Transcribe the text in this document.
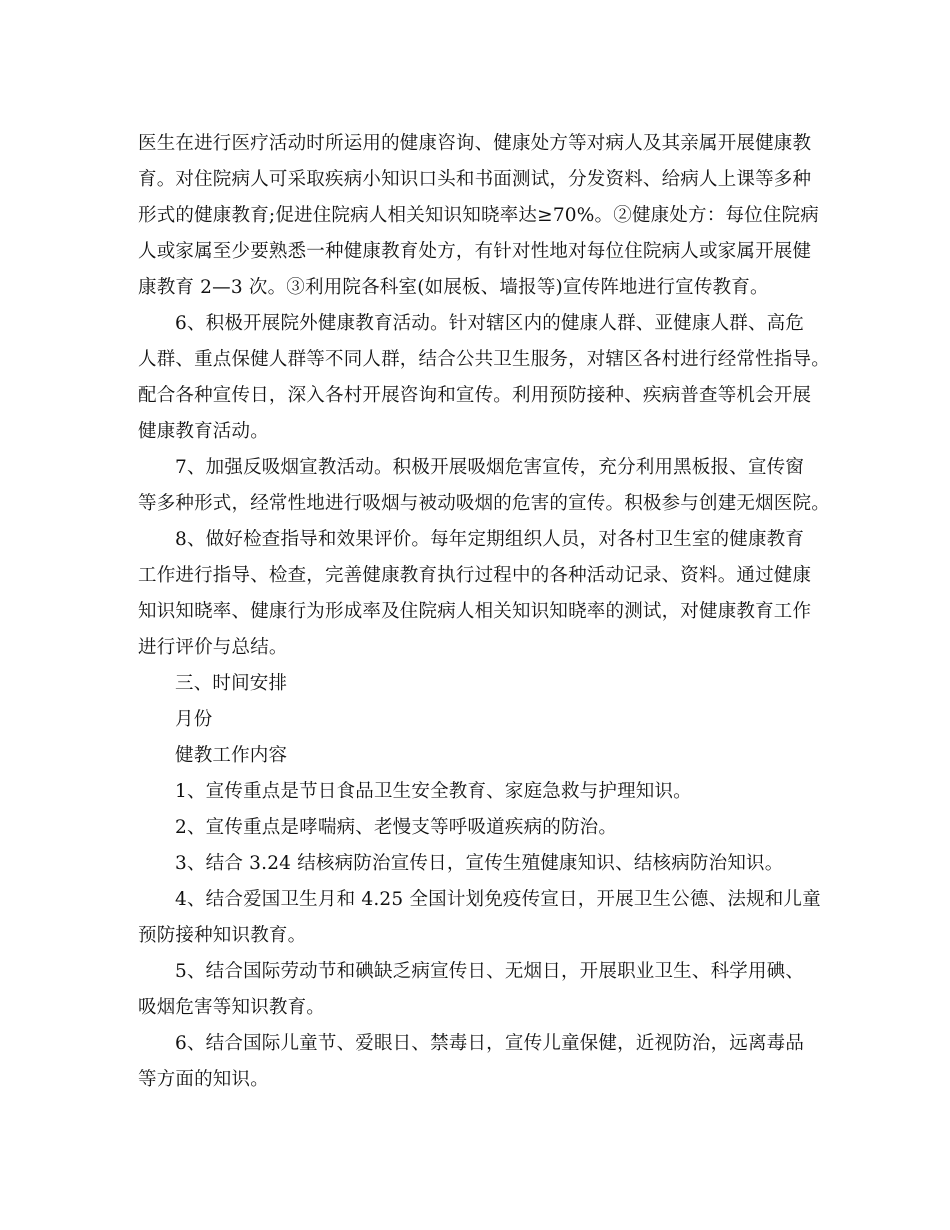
医生在进行医疗活动时所运用的健康咨询、健康处方等对病人及其亲属开展健康教
育。对住院病人可采取疾病小知识口头和书面测试，分发资料、给病人上课等多种
形式的健康教育;促进住院病人相关知识知晓率达≥70%。②健康处方：每位住院病
人或家属至少要熟悉一种健康教育处方，有针对性地对每位住院病人或家属开展健
康教育 2—3 次。③利用院各科室(如展板、墙报等)宣传阵地进行宣传教育。
6、积极开展院外健康教育活动。针对辖区内的健康人群、亚健康人群、高危
人群、重点保健人群等不同人群，结合公共卫生服务，对辖区各村进行经常性指导。
配合各种宣传日，深入各村开展咨询和宣传。利用预防接种、疾病普查等机会开展
健康教育活动。
7、加强反吸烟宣教活动。积极开展吸烟危害宣传，充分利用黑板报、宣传窗
等多种形式，经常性地进行吸烟与被动吸烟的危害的宣传。积极参与创建无烟医院。
8、做好检查指导和效果评价。每年定期组织人员，对各村卫生室的健康教育
工作进行指导、检查，完善健康教育执行过程中的各种活动记录、资料。通过健康
知识知晓率、健康行为形成率及住院病人相关知识知晓率的测试，对健康教育工作
进行评价与总结。
三、时间安排
月份
健教工作内容
1、宣传重点是节日食品卫生安全教育、家庭急救与护理知识。
2、宣传重点是哮喘病、老慢支等呼吸道疾病的防治。
3、结合 3.24 结核病防治宣传日，宣传生殖健康知识、结核病防治知识。
4、结合爱国卫生月和 4.25 全国计划免疫传宣日，开展卫生公德、法规和儿童
预防接种知识教育。
5、结合国际劳动节和碘缺乏病宣传日、无烟日，开展职业卫生、科学用碘、
吸烟危害等知识教育。
6、结合国际儿童节、爱眼日、禁毒日，宣传儿童保健，近视防治，远离毒品
等方面的知识。
